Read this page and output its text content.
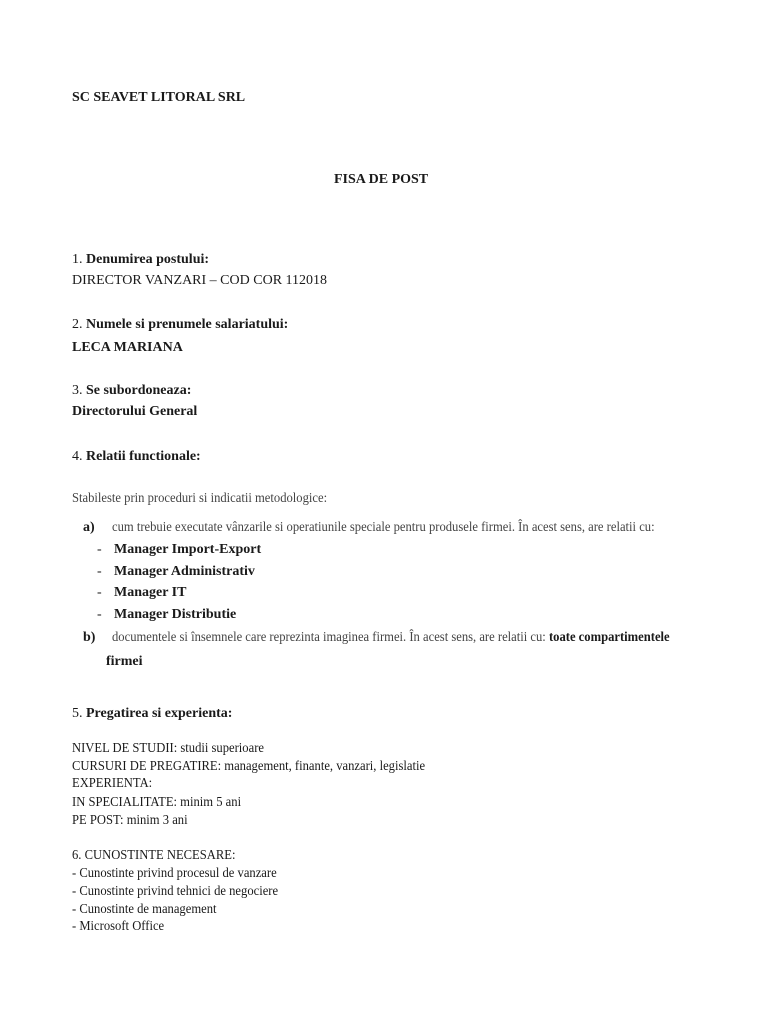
SC SEAVET LITORAL SRL
FISA DE POST
1. Denumirea postului:
DIRECTOR VANZARI – COD COR 112018
2. Numele si prenumele salariatului:
LECA MARIANA
3. Se subordoneaza:
Directorului General
4. Relatii functionale:
Stabileste prin proceduri si indicatii metodologice:
a) cum trebuie executate vânzarile si operatiunile speciale pentru produsele firmei. În acest sens, are relatii cu:
- Manager Import-Export
- Manager Administrativ
- Manager IT
- Manager Distributie
b) documentele si însemnele care reprezinta imaginea firmei. În acest sens, are relatii cu: toate compartimentele
firmei
5. Pregatirea si experienta:
NIVEL DE STUDII: studii superioare
CURSURI DE PREGATIRE: management, finante, vanzari, legislatie
EXPERIENTA:
IN SPECIALITATE: minim 5 ani
PE POST: minim 3 ani
6. CUNOSTINTE NECESARE:
- Cunostinte privind procesul de vanzare
- Cunostinte privind tehnici de negociere
- Cunostinte de management
- Microsoft Office
